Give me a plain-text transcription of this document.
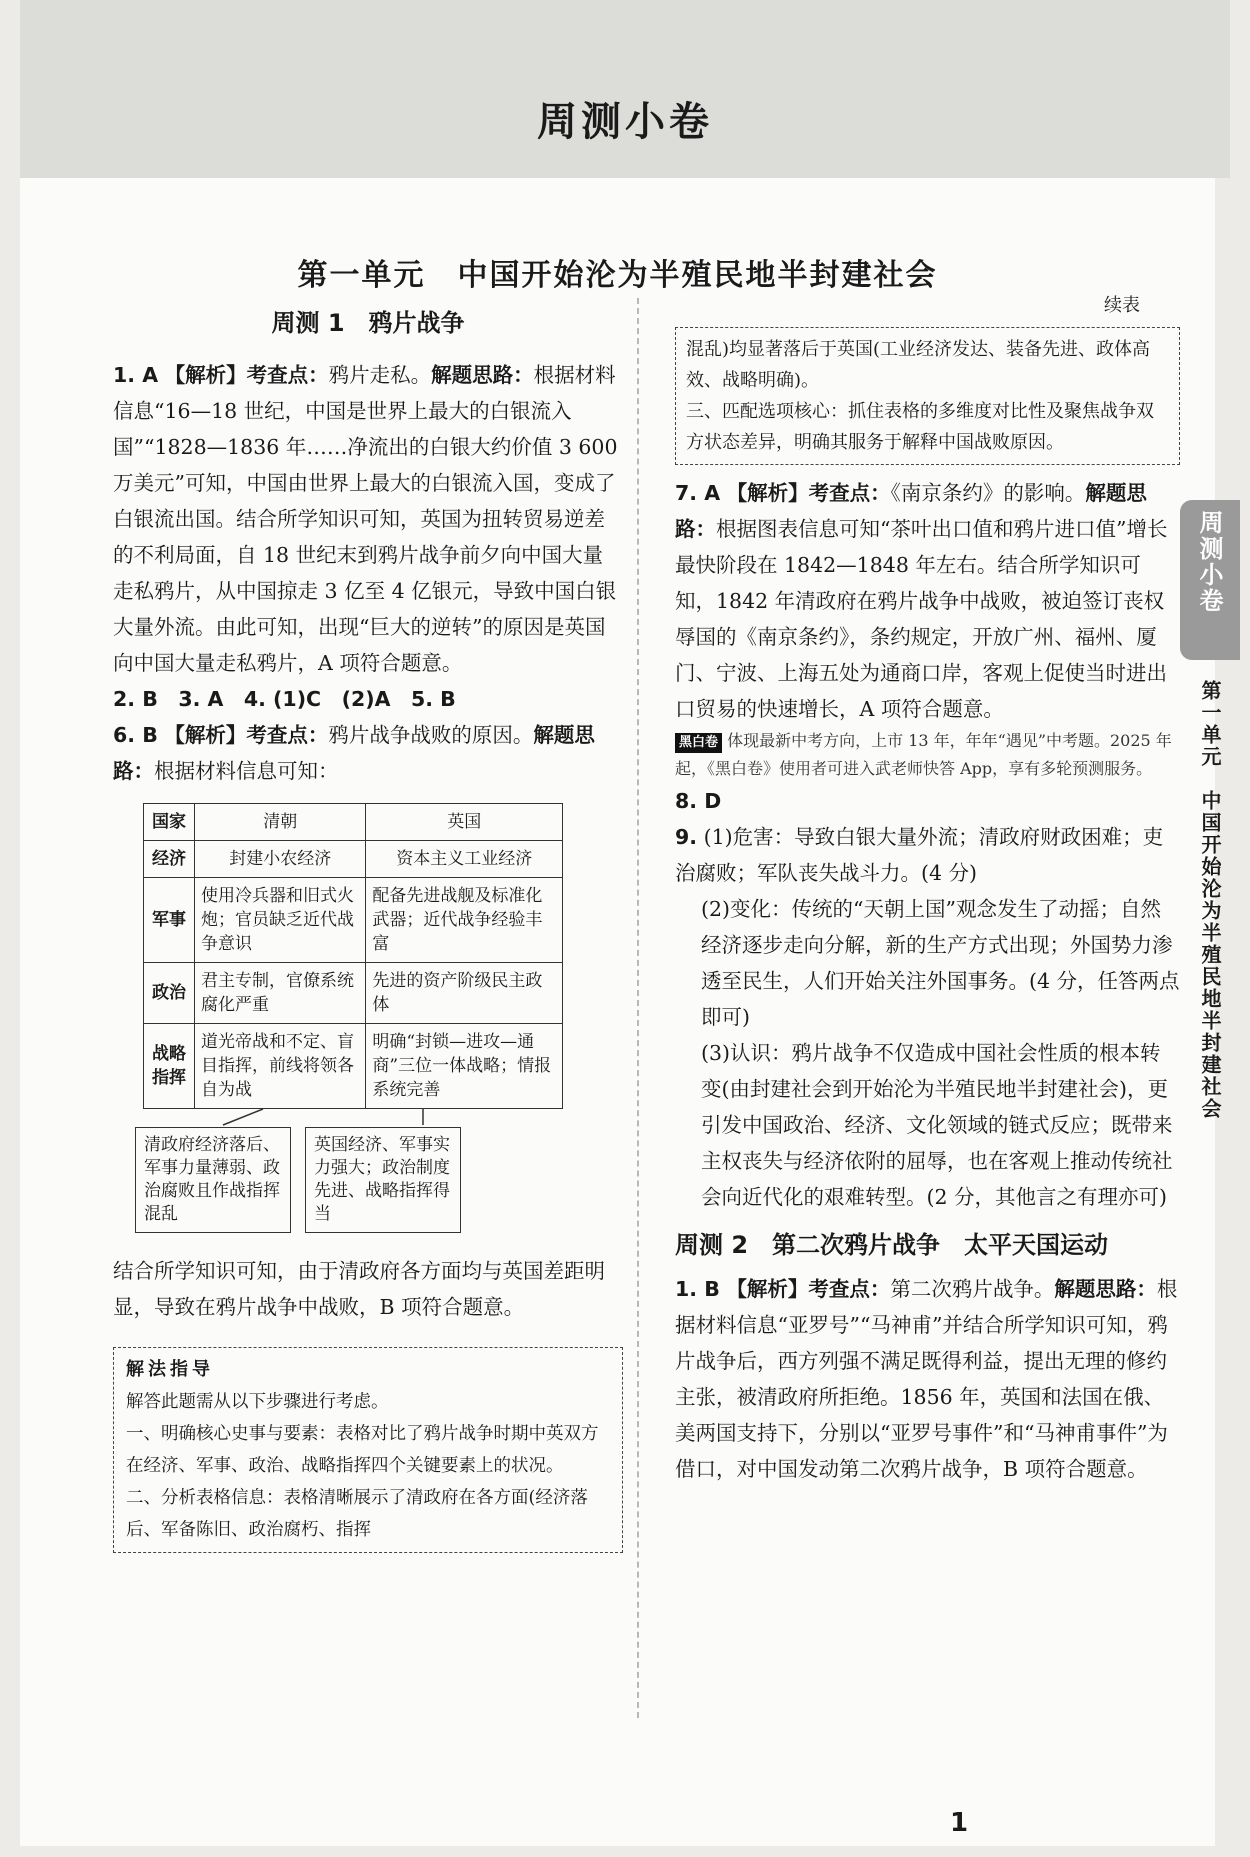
周测小卷
第一单元　中国开始沦为半殖民地半封建社会
周测 1　鸦片战争

1. A 【解析】考查点：鸦片走私。解题思路：根据材料信息“16—18 世纪，中国是世界上最大的白银流入国”“1828—1836 年……净流出的白银大约价值 3 600 万美元”可知，中国由世界上最大的白银流入国，变成了白银流出国。结合所学知识可知，英国为扭转贸易逆差的不利局面，自 18 世纪末到鸦片战争前夕向中国大量走私鸦片，从中国掠走 3 亿至 4 亿银元，导致中国白银大量外流。由此可知，出现“巨大的逆转”的原因是英国向中国大量走私鸦片，A 项符合题意。

2. B　3. A　4. (1)C　(2)A　5. B

6. B 【解析】考查点：鸦片战争战败的原因。解题思路：根据材料信息可知：

国家	清朝	英国
经济	封建小农经济	资本主义工业经济
军事	使用冷兵器和旧式火炮；官员缺乏近代战争意识	配备先进战舰及标准化武器；近代战争经验丰富
政治	君主专制，官僚系统腐化严重	先进的资产阶级民主政体
战略指挥	道光帝战和不定、盲目指挥，前线将领各自为战	明确“封锁—进攻—通商”三位一体战略；情报系统完善
清政府经济落后、军事力量薄弱、政治腐败且作战指挥混乱
英国经济、军事实力强大；政治制度先进、战略指挥得当

结合所学知识可知，由于清政府各方面均与英国差距明显，导致在鸦片战争中战败，B 项符合题意。

解法指导
解答此题需从以下步骤进行考虑。
一、明确核心史事与要素：表格对比了鸦片战争时期中英双方在经济、军事、政治、战略指挥四个关键要素上的状况。
二、分析表格信息：表格清晰展示了清政府在各方面(经济落后、军备陈旧、政治腐朽、指挥
续表
混乱)均显著落后于英国(工业经济发达、装备先进、政体高效、战略明确)。
三、匹配选项核心：抓住表格的多维度对比性及聚焦战争双方状态差异，明确其服务于解释中国战败原因。

7. A 【解析】考查点：《南京条约》的影响。解题思路：根据图表信息可知“茶叶出口值和鸦片进口值”增长最快阶段在 1842—1848 年左右。结合所学知识可知，1842 年清政府在鸦片战争中战败，被迫签订丧权辱国的《南京条约》，条约规定，开放广州、福州、厦门、宁波、上海五处为通商口岸，客观上促使当时进出口贸易的快速增长，A 项符合题意。

黑白卷 体现最新中考方向，上市 13 年，年年“遇见”中考题。2025 年起，《黑白卷》使用者可进入武老师快答 App，享有多轮预测服务。

8. D

9. (1)危害：导致白银大量外流；清政府财政困难；吏治腐败；军队丧失战斗力。(4 分)

(2)变化：传统的“天朝上国”观念发生了动摇；自然经济逐步走向分解，新的生产方式出现；外国势力渗透至民生，人们开始关注外国事务。(4 分，任答两点即可)

(3)认识：鸦片战争不仅造成中国社会性质的根本转变(由封建社会到开始沦为半殖民地半封建社会)，更引发中国政治、经济、文化领域的链式反应；既带来主权丧失与经济依附的屈辱，也在客观上推动传统社会向近代化的艰难转型。(2 分，其他言之有理亦可)

周测 2　第二次鸦片战争　太平天国运动

1. B 【解析】考查点：第二次鸦片战争。解题思路：根据材料信息“亚罗号”“马神甫”并结合所学知识可知，鸦片战争后，西方列强不满足既得利益，提出无理的修约主张，被清政府所拒绝。1856 年，英国和法国在俄、美两国支持下，分别以“亚罗号事件”和“马神甫事件”为借口，对中国发动第二次鸦片战争，B 项符合题意。

周测小卷
第一单元　中国开始沦为半殖民地半封建社会
1
